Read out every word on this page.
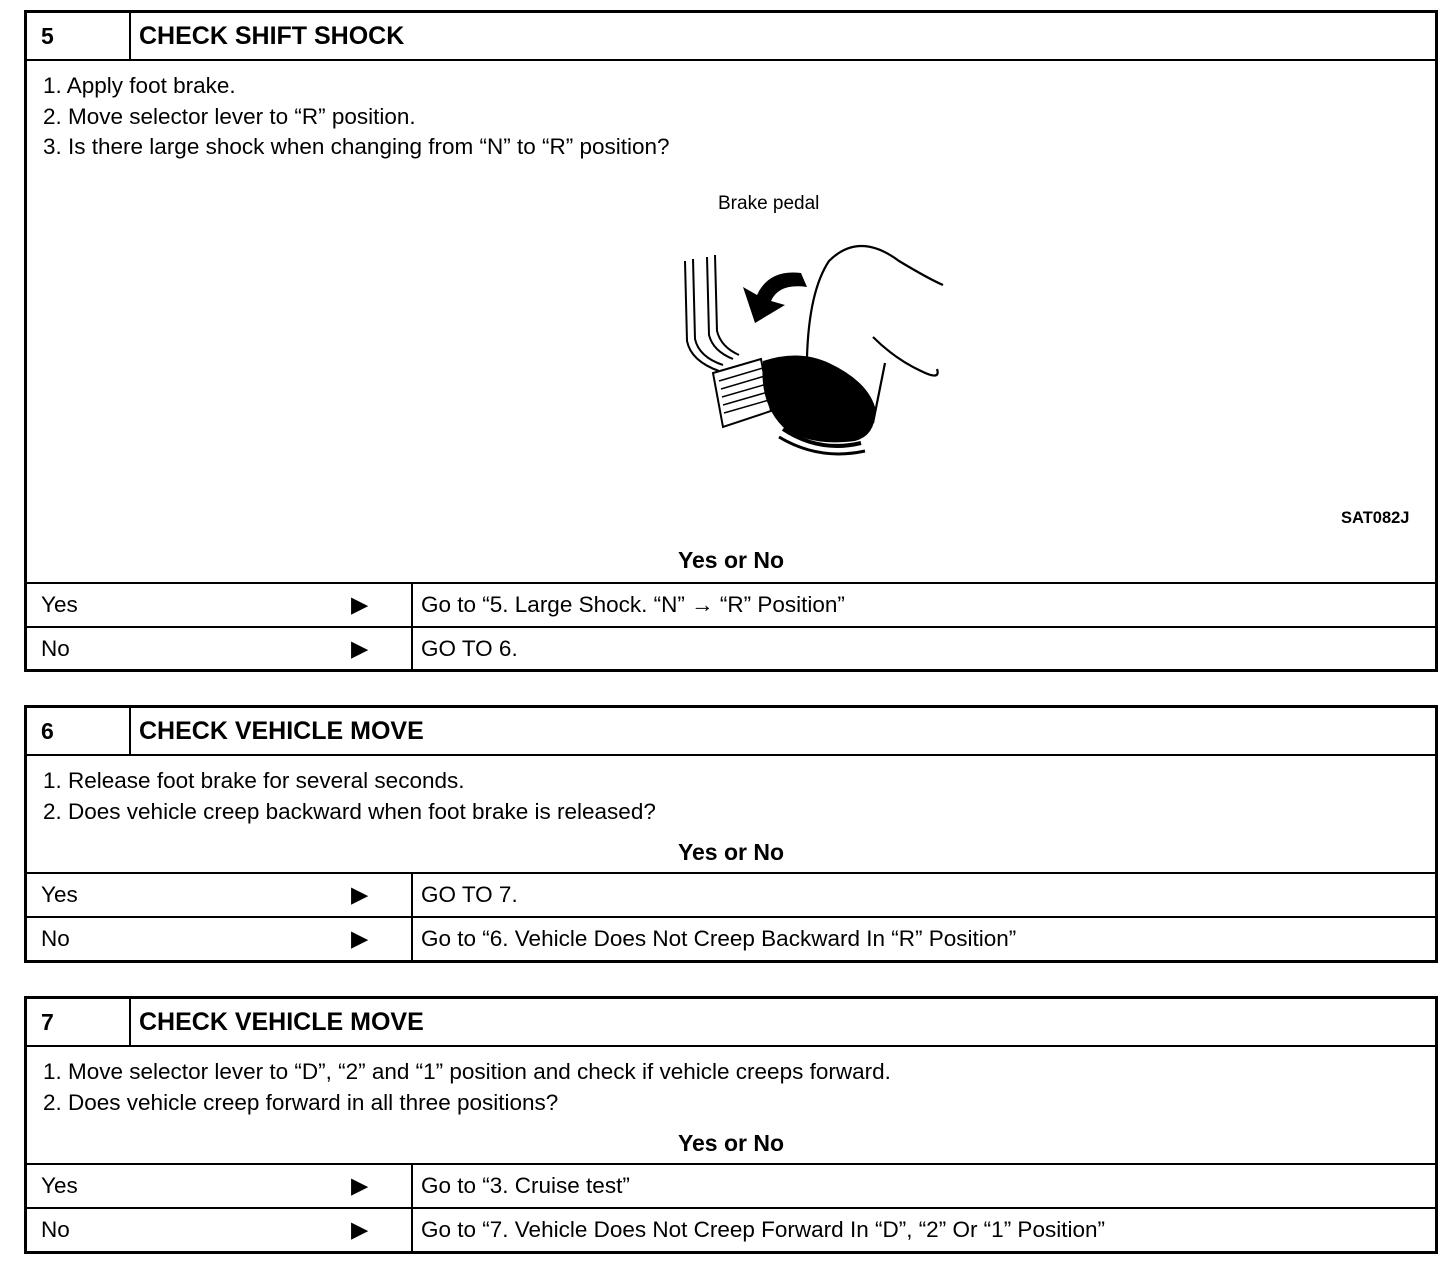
5	CHECK SHIFT SHOCK
1. Apply foot brake.
2. Move selector lever to “R” position.
3. Is there large shock when changing from “N” to “R” position?
Brake pedal
SAT082J
Yes or No
Yes	▶	Go to “5. Large Shock. “N” → “R” Position”
No	▶	GO TO 6.
6	CHECK VEHICLE MOVE
1. Release foot brake for several seconds.
2. Does vehicle creep backward when foot brake is released?
Yes or No
Yes	▶	GO TO 7.
No	▶	Go to “6. Vehicle Does Not Creep Backward In “R” Position”
7	CHECK VEHICLE MOVE
1. Move selector lever to “D”, “2” and “1” position and check if vehicle creeps forward.
2. Does vehicle creep forward in all three positions?
Yes or No
Yes	▶	Go to “3. Cruise test”
No	▶	Go to “7. Vehicle Does Not Creep Forward In “D”, “2” Or “1” Position”
